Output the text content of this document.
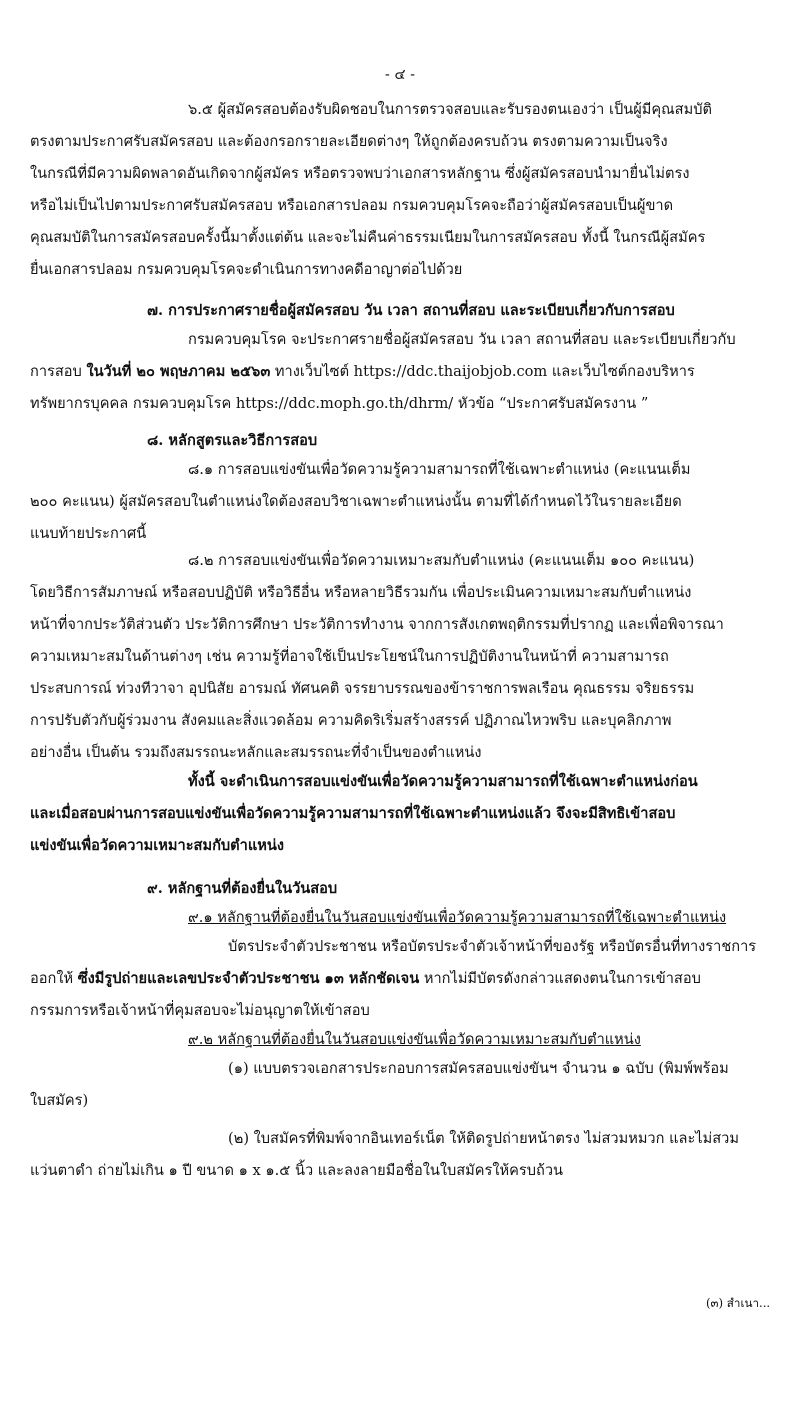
- ๔ -
๖.๕ ผู้สมัครสอบต้องรับผิดชอบในการตรวจสอบและรับรองตนเองว่า เป็นผู้มีคุณสมบัติ
ตรงตามประกาศรับสมัครสอบ และต้องกรอกรายละเอียดต่างๆ ให้ถูกต้องครบถ้วน ตรงตามความเป็นจริง
ในกรณีที่มีความผิดพลาดอันเกิดจากผู้สมัคร หรือตรวจพบว่าเอกสารหลักฐาน ซึ่งผู้สมัครสอบนำมายื่นไม่ตรง
หรือไม่เป็นไปตามประกาศรับสมัครสอบ หรือเอกสารปลอม กรมควบคุมโรคจะถือว่าผู้สมัครสอบเป็นผู้ขาด
คุณสมบัติในการสมัครสอบครั้งนี้มาตั้งแต่ต้น และจะไม่คืนค่าธรรมเนียมในการสมัครสอบ ทั้งนี้ ในกรณีผู้สมัคร
ยื่นเอกสารปลอม กรมควบคุมโรคจะดำเนินการทางคดีอาญาต่อไปด้วย
๗. การประกาศรายชื่อผู้สมัครสอบ วัน เวลา สถานที่สอบ และระเบียบเกี่ยวกับการสอบ
กรมควบคุมโรค จะประกาศรายชื่อผู้สมัครสอบ วัน เวลา สถานที่สอบ และระเบียบเกี่ยวกับ
การสอบ ในวันที่ ๒๐ พฤษภาคม ๒๕๖๓ ทางเว็บไซต์ https://ddc.thaijobjob.com และเว็บไซต์กองบริหาร
ทรัพยากรบุคคล กรมควบคุมโรค https://ddc.moph.go.th/dhrm/ หัวข้อ “ประกาศรับสมัครงาน ”
๘. หลักสูตรและวิธีการสอบ
๘.๑ การสอบแข่งขันเพื่อวัดความรู้ความสามารถที่ใช้เฉพาะตำแหน่ง (คะแนนเต็ม
๒๐๐ คะแนน) ผู้สมัครสอบในตำแหน่งใดต้องสอบวิชาเฉพาะตำแหน่งนั้น ตามที่ได้กำหนดไว้ในรายละเอียด
แนบท้ายประกาศนี้
๘.๒ การสอบแข่งขันเพื่อวัดความเหมาะสมกับตำแหน่ง (คะแนนเต็ม ๑๐๐ คะแนน)
โดยวิธีการสัมภาษณ์ หรือสอบปฏิบัติ หรือวิธีอื่น หรือหลายวิธีรวมกัน เพื่อประเมินความเหมาะสมกับตำแหน่ง
หน้าที่จากประวัติส่วนตัว ประวัติการศึกษา ประวัติการทำงาน จากการสังเกตพฤติกรรมที่ปรากฏ และเพื่อพิจารณา
ความเหมาะสมในด้านต่างๆ เช่น ความรู้ที่อาจใช้เป็นประโยชน์ในการปฏิบัติงานในหน้าที่ ความสามารถ
ประสบการณ์ ท่วงทีวาจา อุปนิสัย อารมณ์ ทัศนคติ จรรยาบรรณของข้าราชการพลเรือน คุณธรรม จริยธรรม
การปรับตัวกับผู้ร่วมงาน สังคมและสิ่งแวดล้อม ความคิดริเริ่มสร้างสรรค์ ปฏิภาณไหวพริบ และบุคลิกภาพ
อย่างอื่น เป็นต้น รวมถึงสมรรถนะหลักและสมรรถนะที่จำเป็นของตำแหน่ง
ทั้งนี้ จะดำเนินการสอบแข่งขันเพื่อวัดความรู้ความสามารถที่ใช้เฉพาะตำแหน่งก่อน
และเมื่อสอบผ่านการสอบแข่งขันเพื่อวัดความรู้ความสามารถที่ใช้เฉพาะตำแหน่งแล้ว จึงจะมีสิทธิเข้าสอบ
แข่งขันเพื่อวัดความเหมาะสมกับตำแหน่ง
๙. หลักฐานที่ต้องยื่นในวันสอบ
๙.๑ หลักฐานที่ต้องยื่นในวันสอบแข่งขันเพื่อวัดความรู้ความสามารถที่ใช้เฉพาะตำแหน่ง
บัตรประจำตัวประชาชน หรือบัตรประจำตัวเจ้าหน้าที่ของรัฐ หรือบัตรอื่นที่ทางราชการ
ออกให้ ซึ่งมีรูปถ่ายและเลขประจำตัวประชาชน ๑๓ หลักชัดเจน หากไม่มีบัตรดังกล่าวแสดงตนในการเข้าสอบ
กรรมการหรือเจ้าหน้าที่คุมสอบจะไม่อนุญาตให้เข้าสอบ
๙.๒ หลักฐานที่ต้องยื่นในวันสอบแข่งขันเพื่อวัดความเหมาะสมกับตำแหน่ง
(๑) แบบตรวจเอกสารประกอบการสมัครสอบแข่งขันฯ จำนวน ๑ ฉบับ (พิมพ์พร้อม
ใบสมัคร)
(๒) ใบสมัครที่พิมพ์จากอินเทอร์เน็ต ให้ติดรูปถ่ายหน้าตรง ไม่สวมหมวก และไม่สวม
แว่นตาดำ ถ่ายไม่เกิน ๑ ปี ขนาด ๑ x ๑.๕ นิ้ว และลงลายมือชื่อในใบสมัครให้ครบถ้วน
(๓) สำเนา...
